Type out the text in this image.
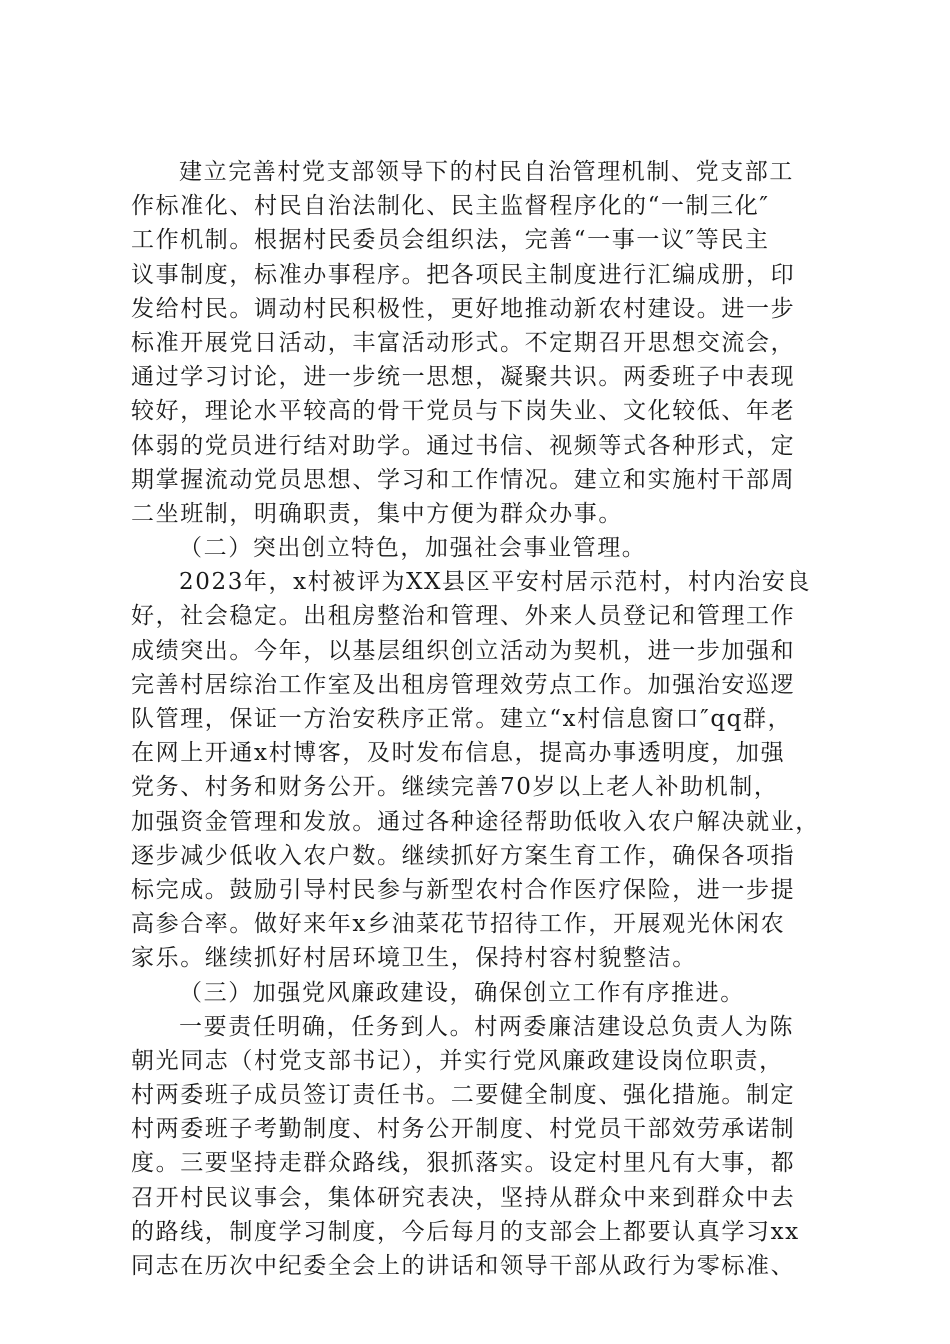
建立完善村党支部领导下的村民自治管理机制、党支部工
作标准化、村民自治法制化、民主监督程序化的“一制三化″
工作机制。根据村民委员会组织法，完善“一事一议″等民主
议事制度，标准办事程序。把各项民主制度进行汇编成册，印
发给村民。调动村民积极性，更好地推动新农村建设。进一步
标准开展党日活动，丰富活动形式。不定期召开思想交流会，
通过学习讨论，进一步统一思想，凝聚共识。两委班子中表现
较好，理论水平较高的骨干党员与下岗失业、文化较低、年老
体弱的党员进行结对助学。通过书信、视频等式各种形式，定
期掌握流动党员思想、学习和工作情况。建立和实施村干部周
二坐班制，明确职责，集中方便为群众办事。
（二）突出创立特色，加强社会事业管理。
2023年，x村被评为XX县区平安村居示范村，村内治安良
好，社会稳定。出租房整治和管理、外来人员登记和管理工作
成绩突出。今年，以基层组织创立活动为契机，进一步加强和
完善村居综治工作室及出租房管理效劳点工作。加强治安巡逻
队管理，保证一方治安秩序正常。建立“x村信息窗口″qq群，
在网上开通x村博客，及时发布信息，提高办事透明度，加强
党务、村务和财务公开。继续完善70岁以上老人补助机制，
加强资金管理和发放。通过各种途径帮助低收入农户解决就业，
逐步减少低收入农户数。继续抓好方案生育工作，确保各项指
标完成。鼓励引导村民参与新型农村合作医疗保险，进一步提
高参合率。做好来年x乡油菜花节招待工作，开展观光休闲农
家乐。继续抓好村居环境卫生，保持村容村貌整洁。
（三）加强党风廉政建设，确保创立工作有序推进。
一要责任明确，任务到人。村两委廉洁建设总负责人为陈
朝光同志（村党支部书记），并实行党风廉政建设岗位职责，
村两委班子成员签订责任书。二要健全制度、强化措施。制定
村两委班子考勤制度、村务公开制度、村党员干部效劳承诺制
度。三要坚持走群众路线，狠抓落实。设定村里凡有大事，都
召开村民议事会，集体研究表决，坚持从群众中来到群众中去
的路线，制度学习制度，今后每月的支部会上都要认真学习xx
同志在历次中纪委全会上的讲话和领导干部从政行为零标准、
